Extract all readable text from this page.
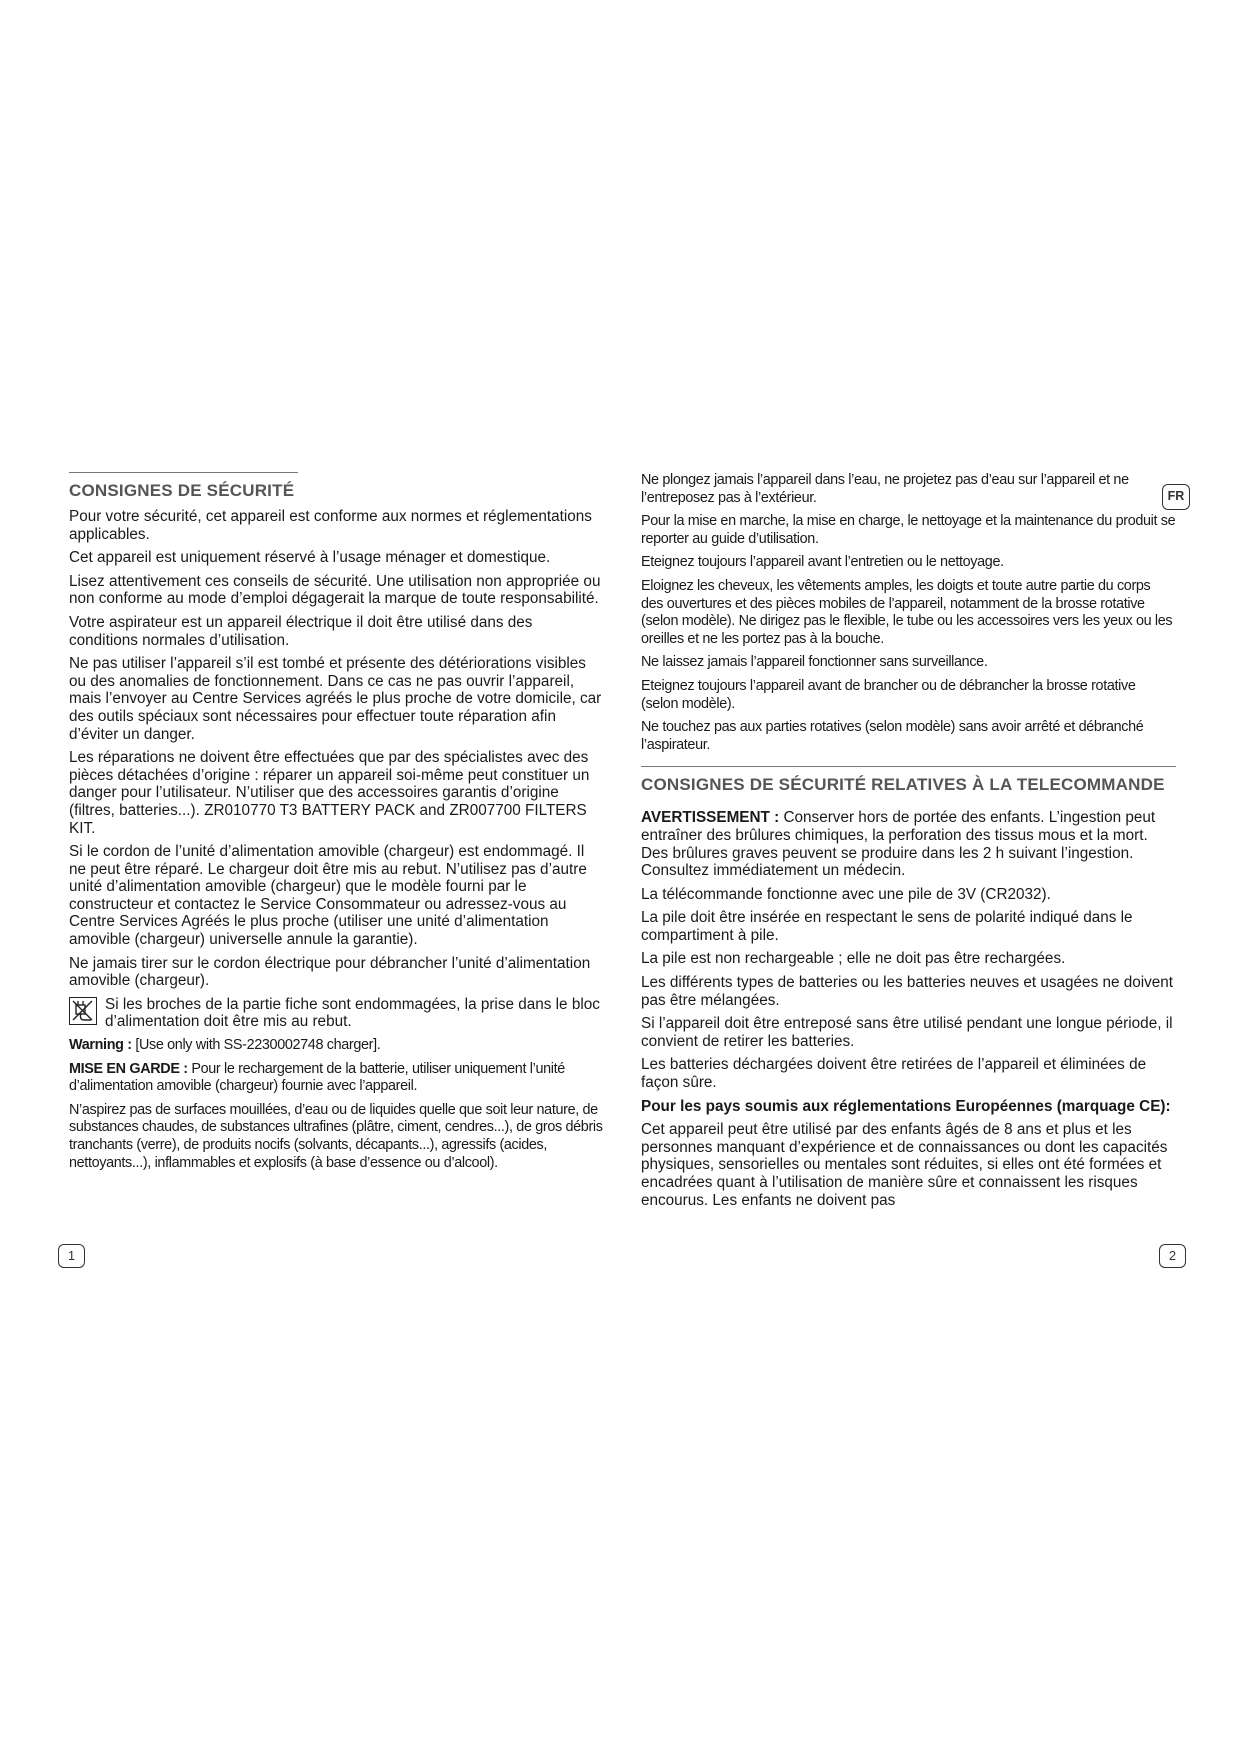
CONSIGNES DE SÉCURITÉ

Pour votre sécurité, cet appareil est conforme aux normes et réglementations applicables.

Cet appareil est uniquement réservé à l’usage ménager et domestique.

Lisez attentivement ces conseils de sécurité. Une utilisation non appropriée ou non conforme au mode d’emploi dégagerait la marque de toute responsabilité.

Votre aspirateur est un appareil électrique il doit être utilisé dans des conditions normales d’utilisation.

Ne pas utiliser l’appareil s’il est tombé et présente des détériorations visibles ou des anomalies de fonctionnement. Dans ce cas ne pas ouvrir l’appareil, mais l’envoyer au Centre Services agréés le plus proche de votre domicile, car des outils spéciaux sont nécessaires pour effectuer toute réparation afin d’éviter un danger.

Les réparations ne doivent être effectuées que par des spécialistes avec des pièces détachées d’origine : réparer un appareil soi-même peut constituer un danger pour l’utilisateur. N’utiliser que des accessoires garantis d’origine (filtres, batteries...). ZR010770 T3 BATTERY PACK and ZR007700 FILTERS KIT.

Si le cordon de l’unité d’alimentation amovible (chargeur) est endommagé. Il ne peut être réparé. Le chargeur doit être mis au rebut. N’utilisez pas d’autre unité d’alimentation amovible (chargeur) que le modèle fourni par le constructeur et contactez le Service Consommateur ou adressez-vous au Centre Services Agréés le plus proche (utiliser une unité d’alimentation amovible (chargeur) universelle annule la garantie).

Ne jamais tirer sur le cordon électrique pour débrancher l’unité d’alimentation amovible (chargeur).

Si les broches de la partie fiche sont endommagées, la prise dans le bloc d’alimentation doit être mis au rebut.

Warning : [Use only with SS-2230002748 charger].

MISE EN GARDE : Pour le rechargement de la batterie, utiliser uniquement l’unité d’alimentation amovible (chargeur) fournie avec l’appareil.

N’aspirez pas de surfaces mouillées, d’eau ou de liquides quelle que soit leur nature, de substances chaudes, de substances ultrafines (plâtre, ciment, cendres...), de gros débris tranchants (verre), de produits nocifs (solvants, décapants...), agressifs (acides, nettoyants...), inflammables et explosifs (à base d’essence ou d’alcool).

Ne plongez jamais l’appareil dans l’eau, ne projetez pas d’eau sur l’appareil et ne l’entreposez pas à l’extérieur.

Pour la mise en marche, la mise en charge, le nettoyage et la maintenance du produit se reporter au guide d’utilisation.

Eteignez toujours l’appareil avant l’entretien ou le nettoyage.

Eloignez les cheveux, les vêtements amples, les doigts et toute autre partie du corps des ouvertures et des pièces mobiles de l’appareil, notamment de la brosse rotative (selon modèle). Ne dirigez pas le flexible, le tube ou les accessoires vers les yeux ou les oreilles et ne les portez pas à la bouche.

Ne laissez jamais l’appareil fonctionner sans surveillance.

Eteignez toujours l’appareil avant de brancher ou de débrancher la brosse rotative (selon modèle).

Ne touchez pas aux parties rotatives (selon modèle) sans avoir arrêté et débranché l’aspirateur.

CONSIGNES DE SÉCURITÉ RELATIVES À LA TELECOMMANDE

AVERTISSEMENT : Conserver hors de portée des enfants. L’ingestion peut entraîner des brûlures chimiques, la perforation des tissus mous et la mort. Des brûlures graves peuvent se produire dans les 2 h suivant l’ingestion. Consultez immédiatement un médecin.

La télécommande fonctionne avec une pile de 3V (CR2032).

La pile doit être insérée en respectant le sens de polarité indiqué dans le compartiment à pile.

La pile est non rechargeable ; elle ne doit pas être rechargées.

Les différents types de batteries ou les batteries neuves et usagées ne doivent pas être mélangées.

Si l’appareil doit être entreposé sans être utilisé pendant une longue période, il convient de retirer les batteries.

Les batteries déchargées doivent être retirées de l’appareil et éliminées de façon sûre.

Pour les pays soumis aux réglementations Européennes (marquage CE):

Cet appareil peut être utilisé par des enfants âgés de 8 ans et plus et les personnes manquant d’expérience et de connaissances ou dont les capacités physiques, sensorielles ou mentales sont réduites, si elles ont été formées et encadrées quant à l’utilisation de manière sûre et connaissent les risques encourus. Les enfants ne doivent pas

FR
1	2
